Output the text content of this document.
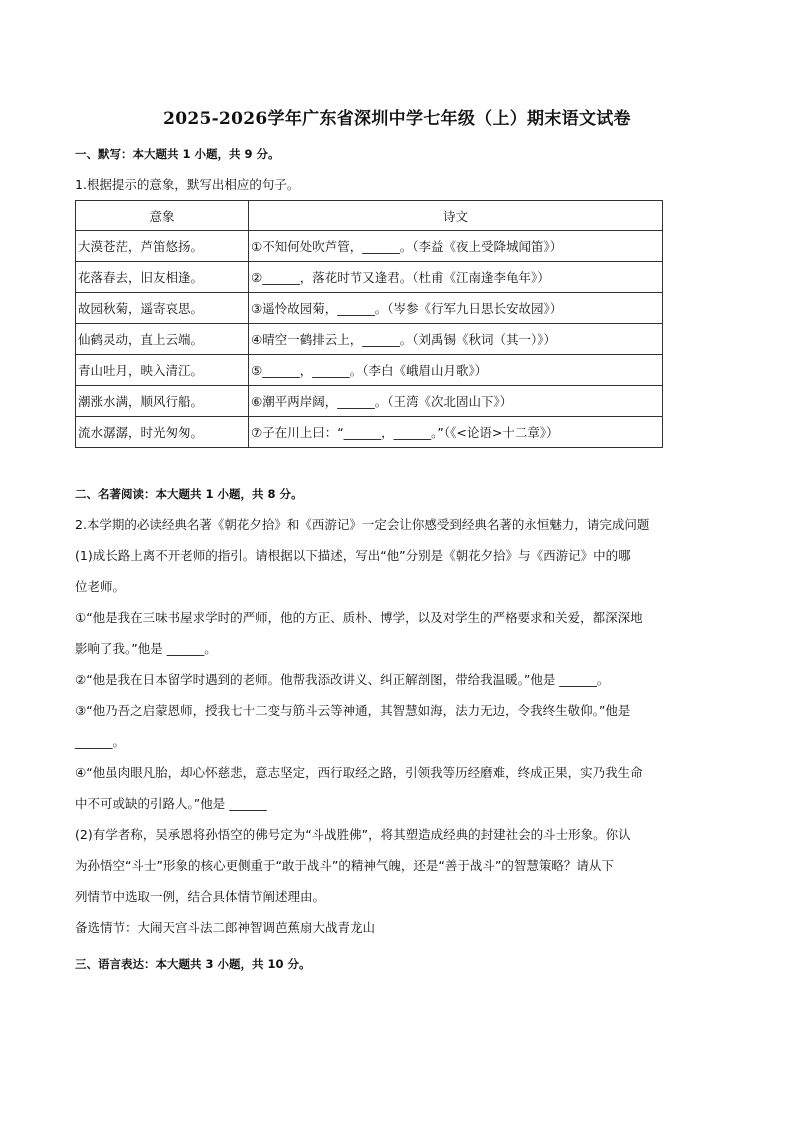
2025-2026学年广东省深圳中学七年级（上）期末语文试卷
一、默写：本大题共 1 小题，共 9 分。
1.根据提示的意象，默写出相应的句子。
意象	诗文
大漠苍茫，芦笛悠扬。	①不知何处吹芦管，______。（李益《夜上受降城闻笛》）
花落春去，旧友相逢。	②______，落花时节又逢君。（杜甫《江南逢李龟年》）
故园秋菊，遥寄哀思。	③遥怜故园菊，______。（岑参《行军九日思长安故园》）
仙鹤灵动，直上云端。	④晴空一鹤排云上，______。（刘禹锡《秋词（其一）》）
青山吐月，映入清江。	⑤______，______。（李白《峨眉山月歌》）
潮涨水满，顺风行船。	⑥潮平两岸阔，______。（王湾《次北固山下》）
流水潺潺，时光匆匆。	⑦子在川上曰：“______，______。”（《<论语>十二章》）
二、名著阅读：本大题共 1 小题，共 8 分。
2.本学期的必读经典名著《朝花夕拾》和《西游记》一定会让你感受到经典名著的永恒魅力，请完成问题
(1)成长路上离不开老师的指引。请根据以下描述，写出“他”分别是《朝花夕拾》与《西游记》中的哪
位老师。
①“他是我在三味书屋求学时的严师，他的方正、质朴、博学，以及对学生的严格要求和关爱，都深深地
影响了我。”他是 ______。
②“他是我在日本留学时遇到的老师。他帮我添改讲义、纠正解剖图，带给我温暖。”他是 ______。
③“他乃吾之启蒙恩师，授我七十二变与筋斗云等神通，其智慧如海，法力无边，令我终生敬仰。”他是
______。
④“他虽肉眼凡胎，却心怀慈悲，意志坚定，西行取经之路，引领我等历经磨难，终成正果，实乃我生命
中不可或缺的引路人。”他是 ______
(2)有学者称，吴承恩将孙悟空的佛号定为“斗战胜佛”，将其塑造成经典的封建社会的斗士形象。你认
为孙悟空“斗士”形象的核心更侧重于“敢于战斗”的精神气魄，还是“善于战斗”的智慧策略？请从下
列情节中选取一例，结合具体情节阐述理由。
备选情节：大闹天宫斗法二郎神智调芭蕉扇大战青龙山
三、语言表达：本大题共 3 小题，共 10 分。
